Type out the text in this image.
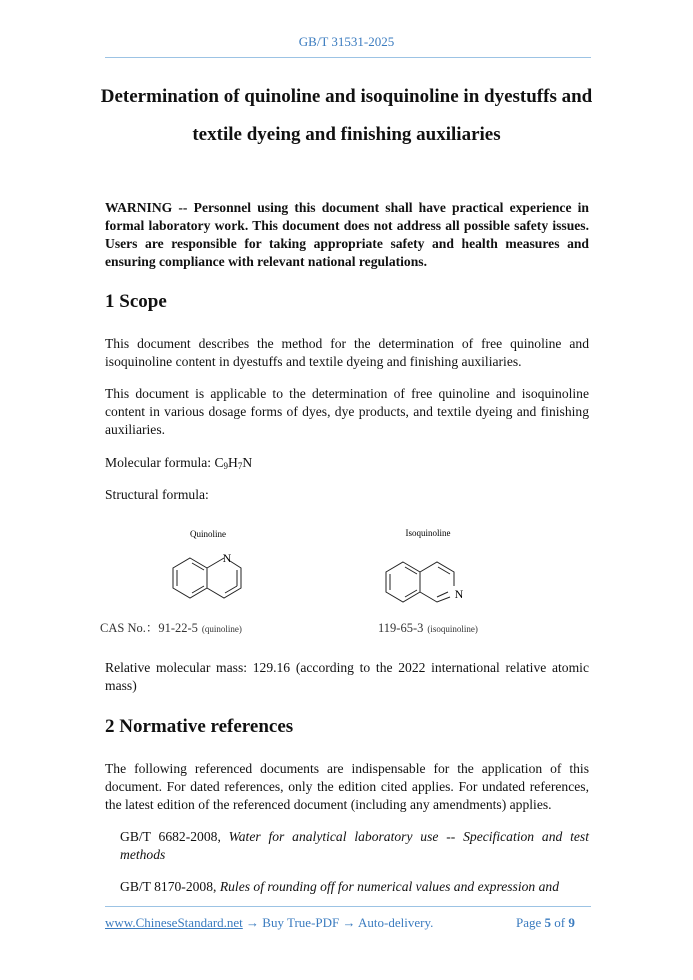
GB/T 31531-2025
Determination of quinoline and isoquinoline in dyestuffs and
textile dyeing and finishing auxiliaries
WARNING -- Personnel using this document shall have practical experience in formal laboratory work. This document does not address all possible safety issues. Users are responsible for taking appropriate safety and health measures and ensuring compliance with relevant national regulations.
1 Scope
This document describes the method for the determination of free quinoline and isoquinoline content in dyestuffs and textile dyeing and finishing auxiliaries.
This document is applicable to the determination of free quinoline and isoquinoline content in various dosage forms of dyes, dye products, and textile dyeing and finishing auxiliaries.
Molecular formula: $C_9H_7N$
Structural formula:
Quinoline
N
CAS No.：91-22-5 (quinoline)
Isoquinoline
N
119-65-3 (isoquinoline)
Relative molecular mass: 129.16 (according to the 2022 international relative atomic mass)
2 Normative references
The following referenced documents are indispensable for the application of this document. For dated references, only the edition cited applies. For undated references, the latest edition of the referenced document (including any amendments) applies.
GB/T 6682-2008, Water for analytical laboratory use -- Specification and test methods
GB/T 8170-2008, Rules of rounding off for numerical values and expression and
www.ChineseStandard.net → Buy True-PDF → Auto-delivery.	Page 5 of 9
